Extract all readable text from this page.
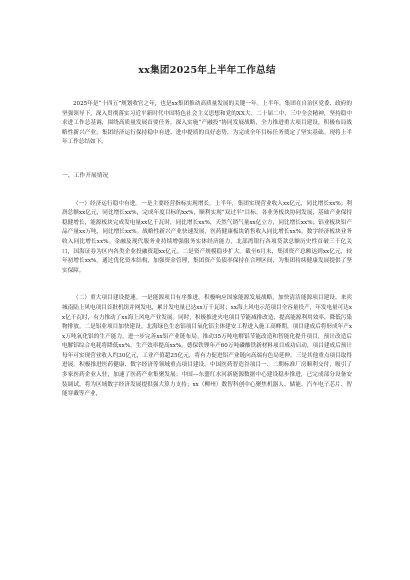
xx集团2025年上半年工作总结

2025年是“十四五”规划收官之年，也是xx集团推动高质量发展的关键一年。上半年，集团在自治区党委、政府的坚强领导下，深入贯彻落实习近平新时代中国特色社会主义思想和党的XX大、二十届二中、三中全会精神，坚持稳中求进工作总基调，围绕高质量发展首要任务，深入实施“产融投”协同发展战略，全力推进重大项目建设，积极布局战略性新兴产业，集团经济运行保持稳中有进、进中提质的良好态势，为完成全年目标任务奠定了坚实基础。现将上半年工作总结如下。

一、工作开展情况

（一）经济运行稳中有进。一是主要经营指标实现增长。上半年，集团实现营业收入xx亿元，同比增长xx%；利润总额xx亿元，同比增长xx%，完成年度目标的xx%，顺利实现“双过半”目标。各业务板块协同发展，基础产业保持稳健增长，能源板块完成发电量xx亿千瓦时，同比增长xx%，天然气销气量xx亿立方，同比增长xx%；铝业板块铝产品产量xx万吨，同比增长xx%。战略性新兴产业快速发展，医药健康板块销售收入同比增长xx%，数字经济板块业务收入同比增长xx%。金融及现代服务业持续增强服务实体经济能力，北部湾银行各项贷款总额历史性首破三千亿关口，国海证券为区内各类企业投融资超xx亿元。二是资产规模稳步扩大。截至6月末，集团资产总额达到xx亿元，较年初增长xx%。通过优化资本结构，加强资金管理，集团资产负债率保持在合理区间，为集团持续健康发展提供了坚实保障。

（二）重大项目建设提速。一是能源项目有序推进。积极响应国家能源发展战略，加快清洁能源项目建设。来宾城南陆上风电项目首批机组并网发电，累计发电量已达xx万千瓦时；xx海上风电示范项目全容量投产，年发电量可达xx亿千瓦时，有力推动了xx海上风电产业发展。同时，积极推进火电项目节能减排改造，提高能源利用效率，降低污染物排放。二是铝业项目加快建设。北海绿色生态铝项目氧化铝主体建安工程进入施工高峰期，项目建成后将形成年产xx万吨氧化铝的生产能力，进一步完善xx铝产业链布局。推动35万吨电解铝节能改造和智能化提升项目，预计改造后电解铝综合电耗将降低xx%，生产效率提高xx%。德保铁锂年产60万吨磷酸铁新材料项目成功启动，项目建成后预计每年可实现营业收入约30亿元，工业产值超25亿元，将有力促进铝产业链向高端有色局延伸。三是其他重点项目取得进展。积极推进医药健康、数字经济等领域重点项目建设。中国医药智造谷项目一、二期标准厂房顺利交付，吸引了多家医药企业入驻，加速了医药产业集聚发展；中国—东盟红水河新能源数据中心建设稳步推进，已完成部分设备安装调试，将为区域数字经济发展提供强大算力支持；xx（柳州）数智科创中心聚焦机器人、储能、汽车电子芯片、智能穿戴等产业，
